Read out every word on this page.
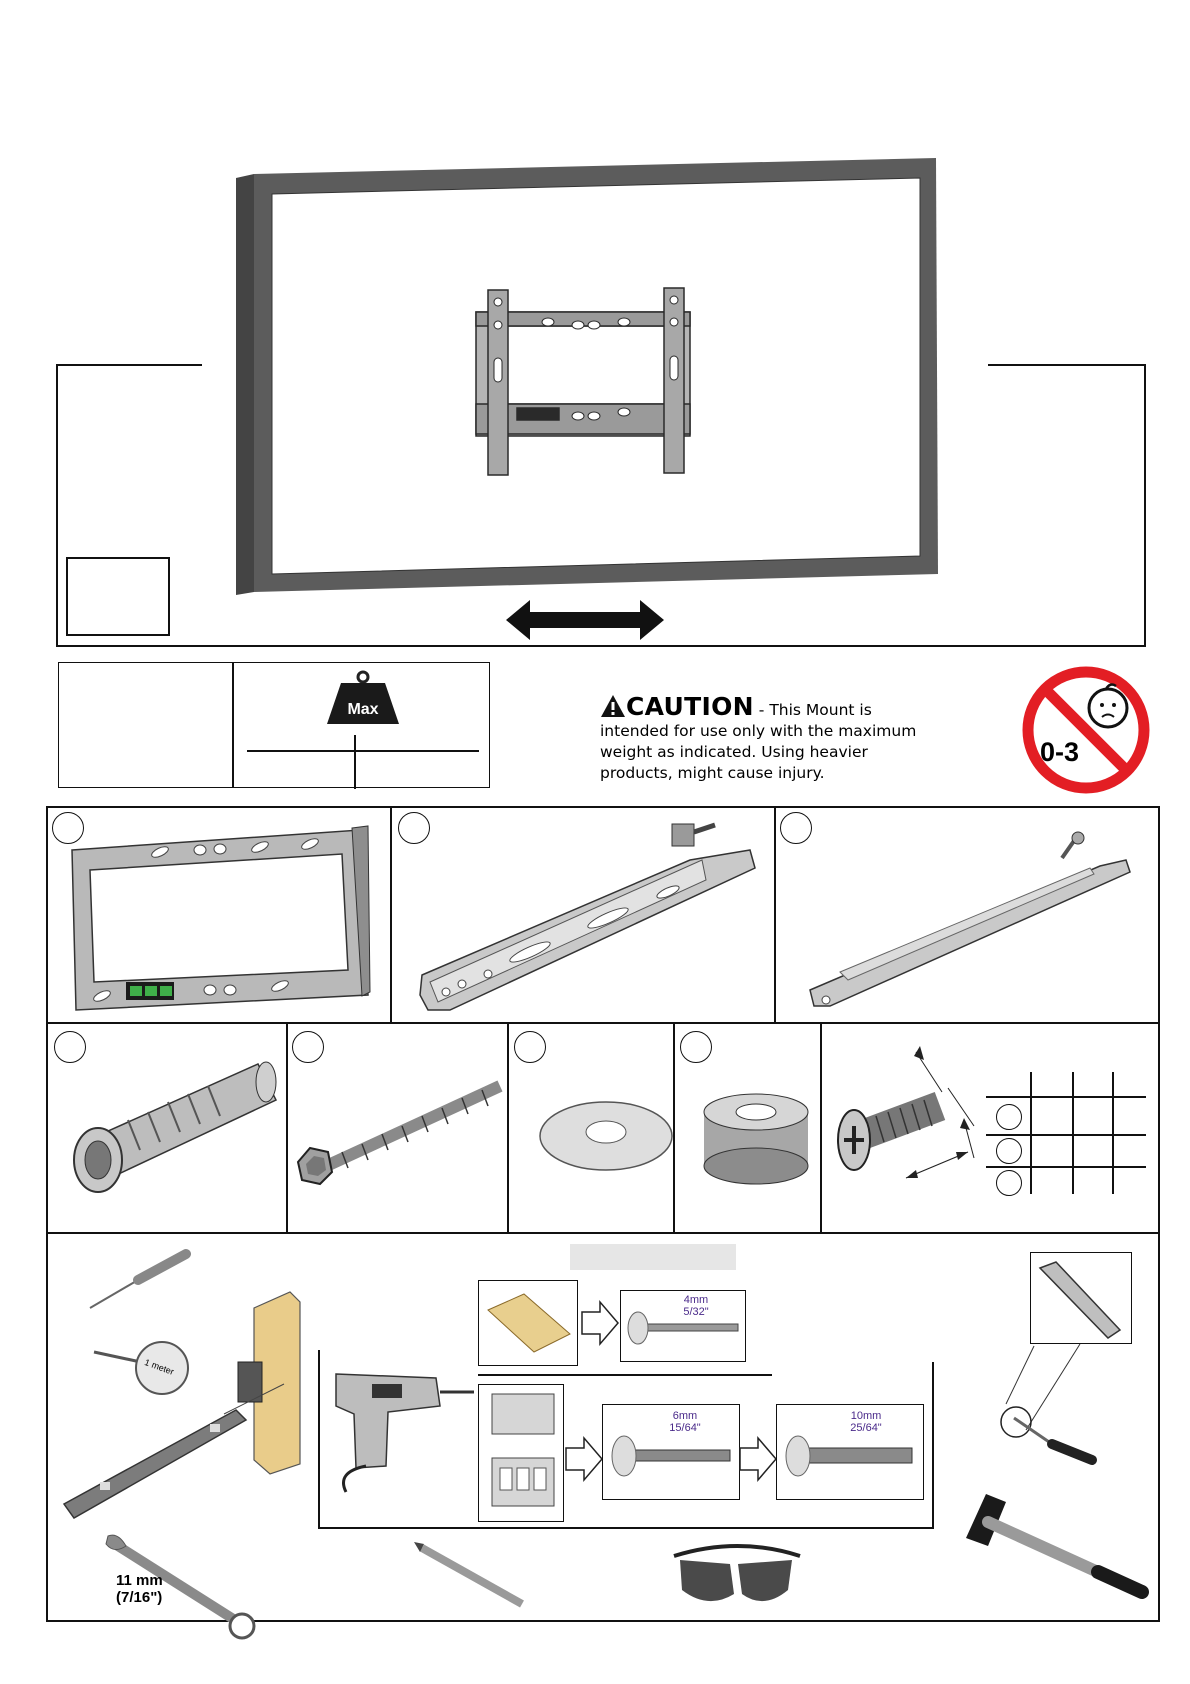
Max	CAUTION - This Mount is
intended for use only with the maximum
weight as indicated. Using heavier
products, might cause injury.
0-3
1 meter
11 mm
(7/16")
4mm
5/32"
6mm
15/64"
10mm
25/64"
